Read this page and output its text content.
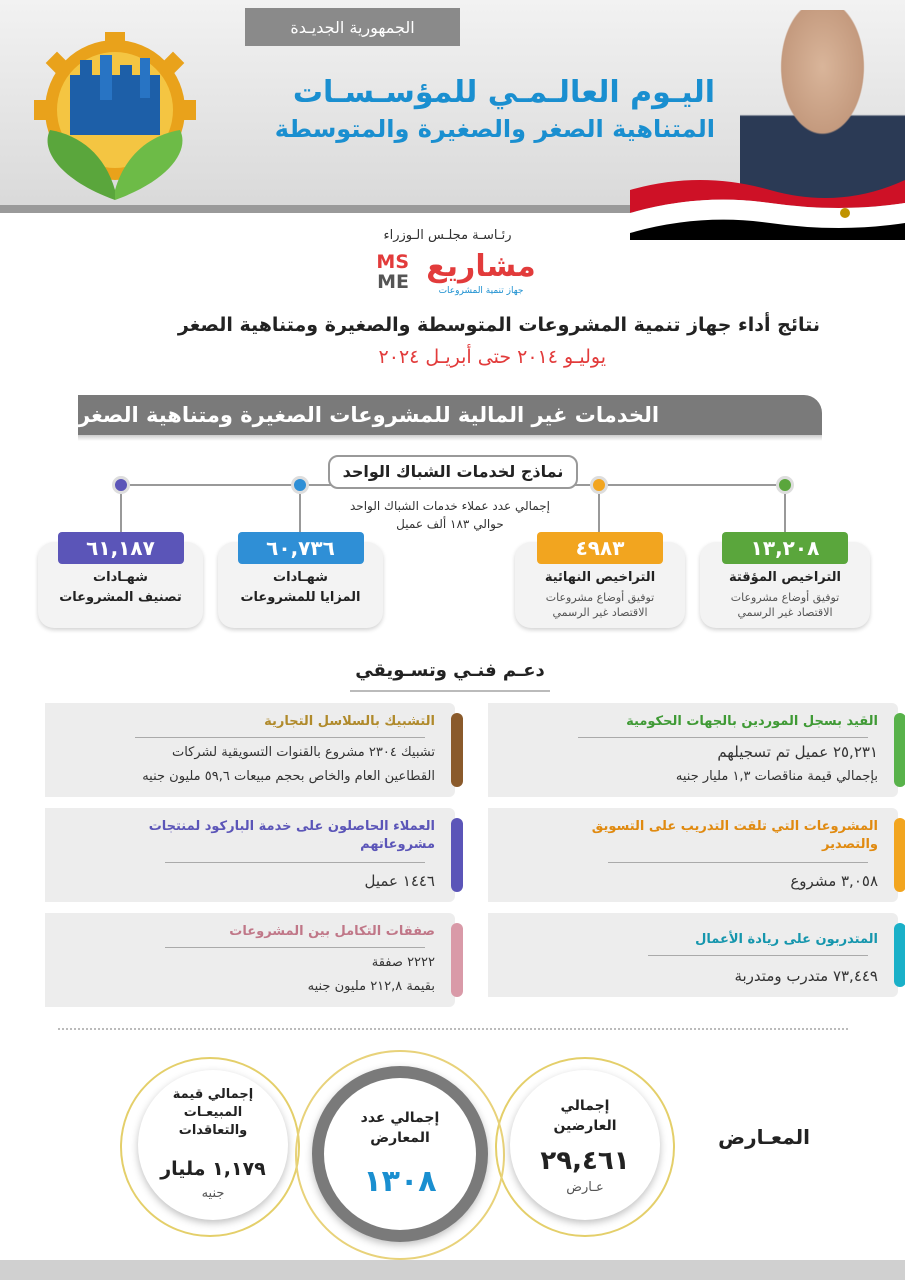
الجمهورية الجديـدة
اليـوم العالـمـي للمؤسـسـات
المتناهية الصغر والصغيرة والمتوسطة
رئـاسـة مجلـس الـوزراء
MS
ME مشاريع
جهاز تنمية المشروعات
نتائج أداء جهاز تنمية المشروعات المتوسطة والصغيرة ومتناهية الصغر
يوليـو ٢٠١٤ حتى أبريـل ٢٠٢٤
الخدمات غير المالية للمشروعات الصغيرة ومتناهية الصغر
نماذج لخدمات الشباك الواحد
إجمالي عدد عملاء خدمات الشباك الواحد
حوالي ١٨٣ ألف عميل
١٣,٢٠٨
التراخيص المؤقتة
توفيق أوضاع مشروعات
الاقتصاد غير الرسمي
٤٩٨٣
التراخيص النهائية
توفيق أوضاع مشروعات
الاقتصاد غير الرسمي
٦٠,٧٣٦
شهـادات
المزايا للمشروعات
٦١,١٨٧
شهـادات
تصنيف المشروعات
دعـم فنـي وتسـويقي
القيد بسجل الموردين بالجهات الحكومية
٢٥,٢٣١ عميل تم تسجيلهم
بإجمالي قيمة مناقصات ١,٣ مليار جنيه
المشروعات التي تلقت التدريب على التسويق والتصدير
٣,٠٥٨ مشروع
المتدربون على ريادة الأعمال
٧٣,٤٤٩ متدرب ومتدربة
التشبيك بالسلاسل التجارية
تشبيك ٢٣٠٤ مشروع بالقنوات التسويقية لشركات
القطاعين العام والخاص بحجم مبيعات ٥٩,٦ مليون جنيه
العملاء الحاصلون على خدمة الباركود لمنتجات مشروعاتهم
١٤٤٦ عميل
صفقات التكامل بين المشروعات
٢٢٢٢ صفقة
بقيمة ٢١٢,٨ مليون جنيه
المعـارض
إجمالي العارضين
٢٩,٤٦١
عـارض
إجمالي عدد المعارض
١٣٠٨
إجمالي قيمة المبيعـات والتعاقدات
١,١٧٩ مليار
جنيه
